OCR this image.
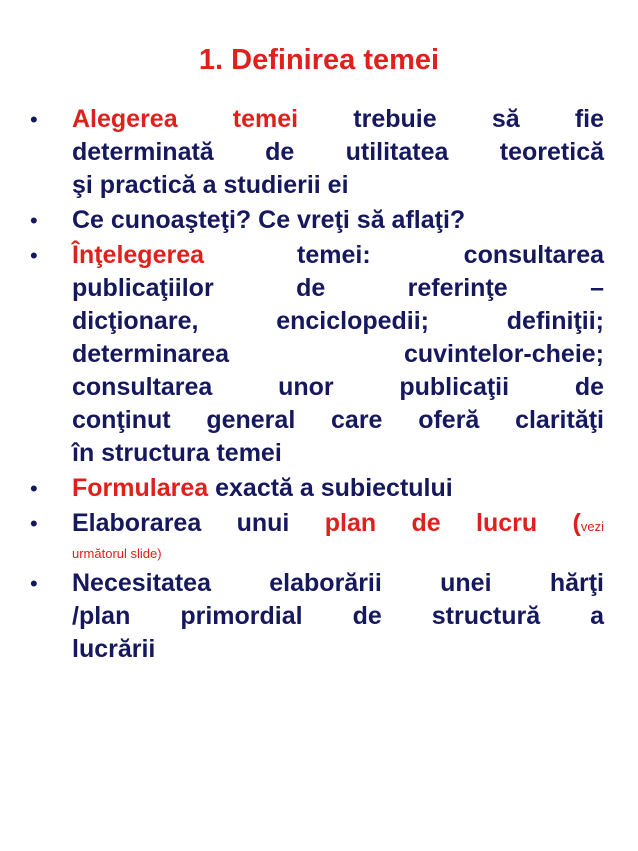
1. Definirea temei
•	Alegerea temei trebuie să fie
determinată de utilitatea teoretică
şi practică a studierii ei
•	Ce cunoaşteţi? Ce vreţi să aflaţi?
•	Înţelegerea temei: consultarea
publicaţiilor de referinţe –
dicţionare, enciclopedii; definiţii;
determinarea cuvintelor-cheie;
consultarea unor publicaţii de
conţinut general care oferă clarităţi
în structura temei
•	Formularea exactă a subiectului
•	Elaborarea unui plan de lucru (vezi
următorul slide)
•	Necesitatea elaborării unei hărţi
/plan primordial de structură a
lucrării
